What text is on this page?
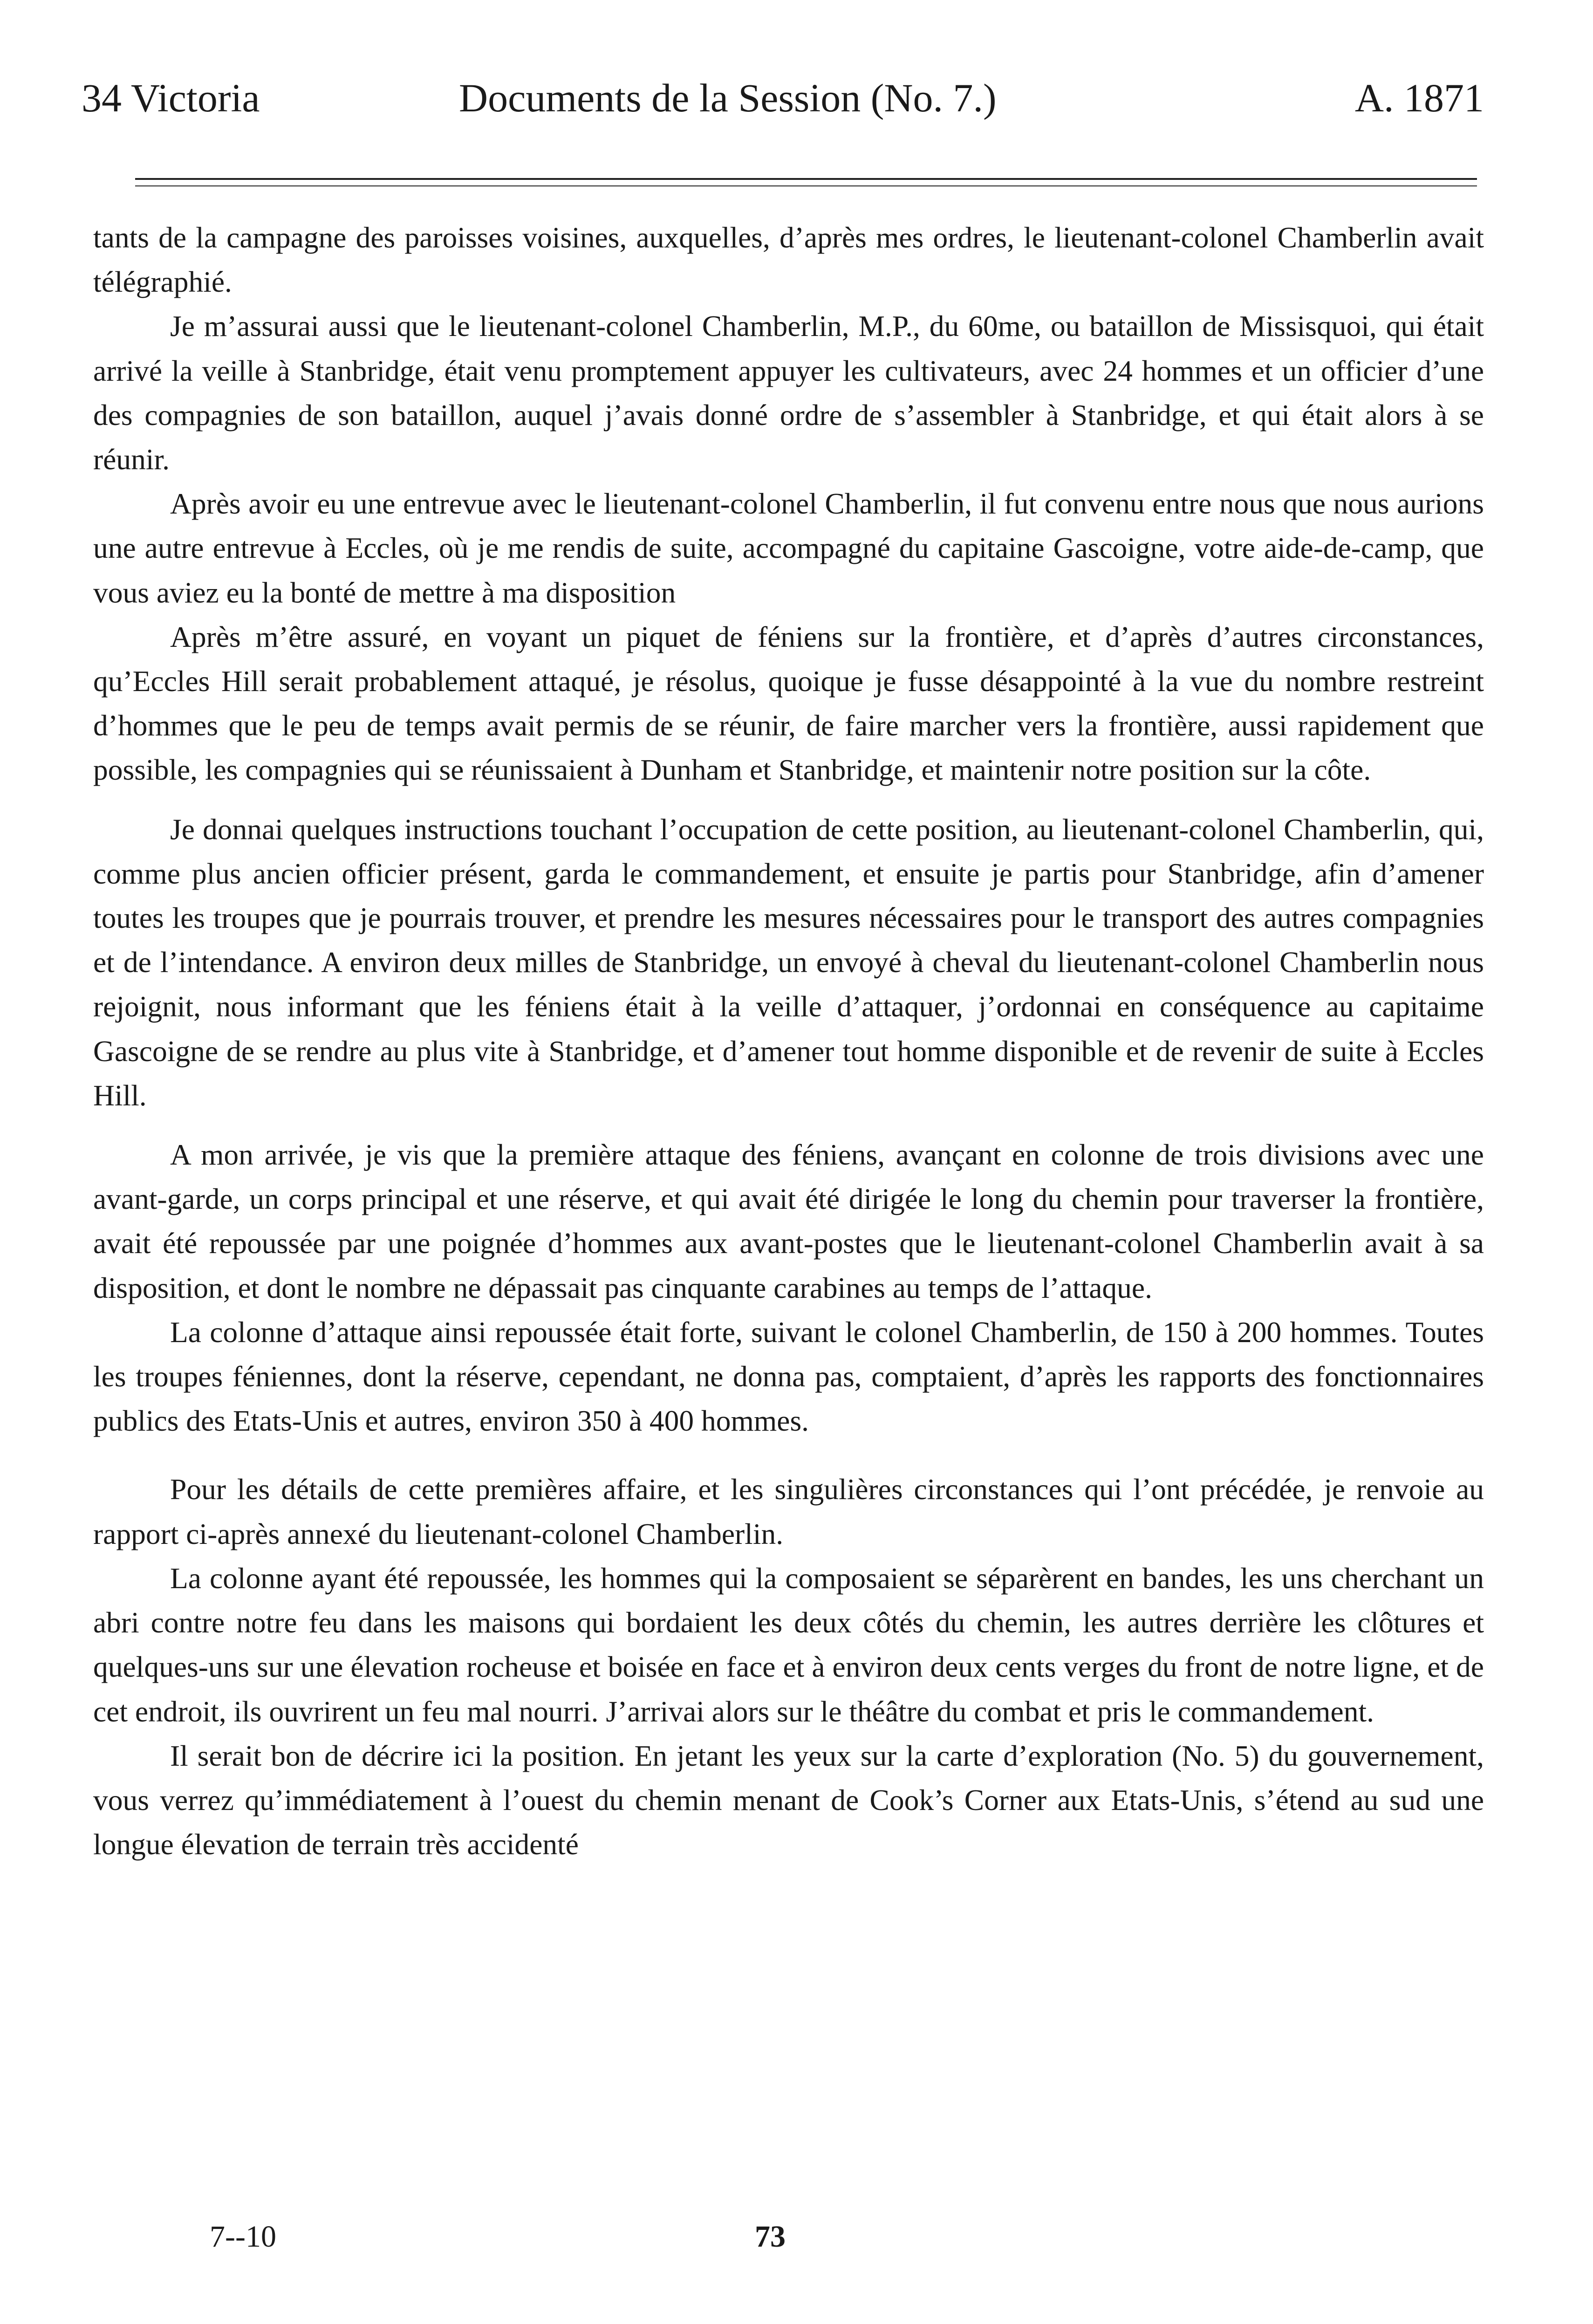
34 Victoria	Documents de la Session (No. 7.)	A. 1871

tants de la campagne des paroisses voisines, auxquelles, d’après mes ordres, le lieutenant-colonel Chamberlin avait télégraphié.

Je m’assurai aussi que le lieutenant-colonel Chamberlin, M.P., du 60me, ou bataillon de Missisquoi, qui était arrivé la veille à Stanbridge, était venu promptement appuyer les cultivateurs, avec 24 hommes et un officier d’une des compagnies de son bataillon, auquel j’avais donné ordre de s’assembler à Stanbridge, et qui était alors à se réunir.

Après avoir eu une entrevue avec le lieutenant-colonel Chamberlin, il fut convenu entre nous que nous aurions une autre entrevue à Eccles, où je me rendis de suite, accompagné du capitaine Gascoigne, votre aide-de-camp, que vous aviez eu la bonté de mettre à ma disposition

Après m’être assuré, en voyant un piquet de féniens sur la frontière, et d’après d’autres circonstances, qu’Eccles Hill serait probablement attaqué, je résolus, quoique je fusse désappointé à la vue du nombre restreint d’hommes que le peu de temps avait permis de se réunir, de faire marcher vers la frontière, aussi rapidement que possible, les compagnies qui se réunissaient à Dunham et Stanbridge, et maintenir notre position sur la côte.

Je donnai quelques instructions touchant l’occupation de cette position, au lieutenant-colonel Chamberlin, qui, comme plus ancien officier présent, garda le commandement, et ensuite je partis pour Stanbridge, afin d’amener toutes les troupes que je pourrais trouver, et prendre les mesures nécessaires pour le transport des autres compagnies et de l’intendance. A environ deux milles de Stanbridge, un envoyé à cheval du lieutenant-colonel Chamberlin nous rejoignit, nous informant que les féniens était à la veille d’attaquer, j’ordonnai en conséquence au capitaime Gascoigne de se rendre au plus vite à Stanbridge, et d’amener tout homme disponible et de revenir de suite à Eccles Hill.

A mon arrivée, je vis que la première attaque des féniens, avançant en colonne de trois divisions avec une avant-garde, un corps principal et une réserve, et qui avait été dirigée le long du chemin pour traverser la frontière, avait été repoussée par une poignée d’hommes aux avant-postes que le lieutenant-colonel Chamberlin avait à sa disposition, et dont le nombre ne dépassait pas cinquante carabines au temps de l’attaque.

La colonne d’attaque ainsi repoussée était forte, suivant le colonel Chamberlin, de 150 à 200 hommes. Toutes les troupes féniennes, dont la réserve, cependant, ne donna pas, comptaient, d’après les rapports des fonctionnaires publics des Etats-Unis et autres, environ 350 à 400 hommes.

Pour les détails de cette premières affaire, et les singulières circonstances qui l’ont précédée, je renvoie au rapport ci-après annexé du lieutenant-colonel Chamberlin.

La colonne ayant été repoussée, les hommes qui la composaient se séparèrent en bandes, les uns cherchant un abri contre notre feu dans les maisons qui bordaient les deux côtés du chemin, les autres derrière les clôtures et quelques-uns sur une élevation rocheuse et boisée en face et à environ deux cents verges du front de notre ligne, et de cet endroit, ils ouvrirent un feu mal nourri. J’arrivai alors sur le théâtre du combat et pris le commandement.

Il serait bon de décrire ici la position. En jetant les yeux sur la carte d’exploration (No. 5) du gouvernement, vous verrez qu’immédiatement à l’ouest du chemin menant de Cook’s Corner aux Etats-Unis, s’étend au sud une longue élevation de terrain très accidenté

7--10	73
